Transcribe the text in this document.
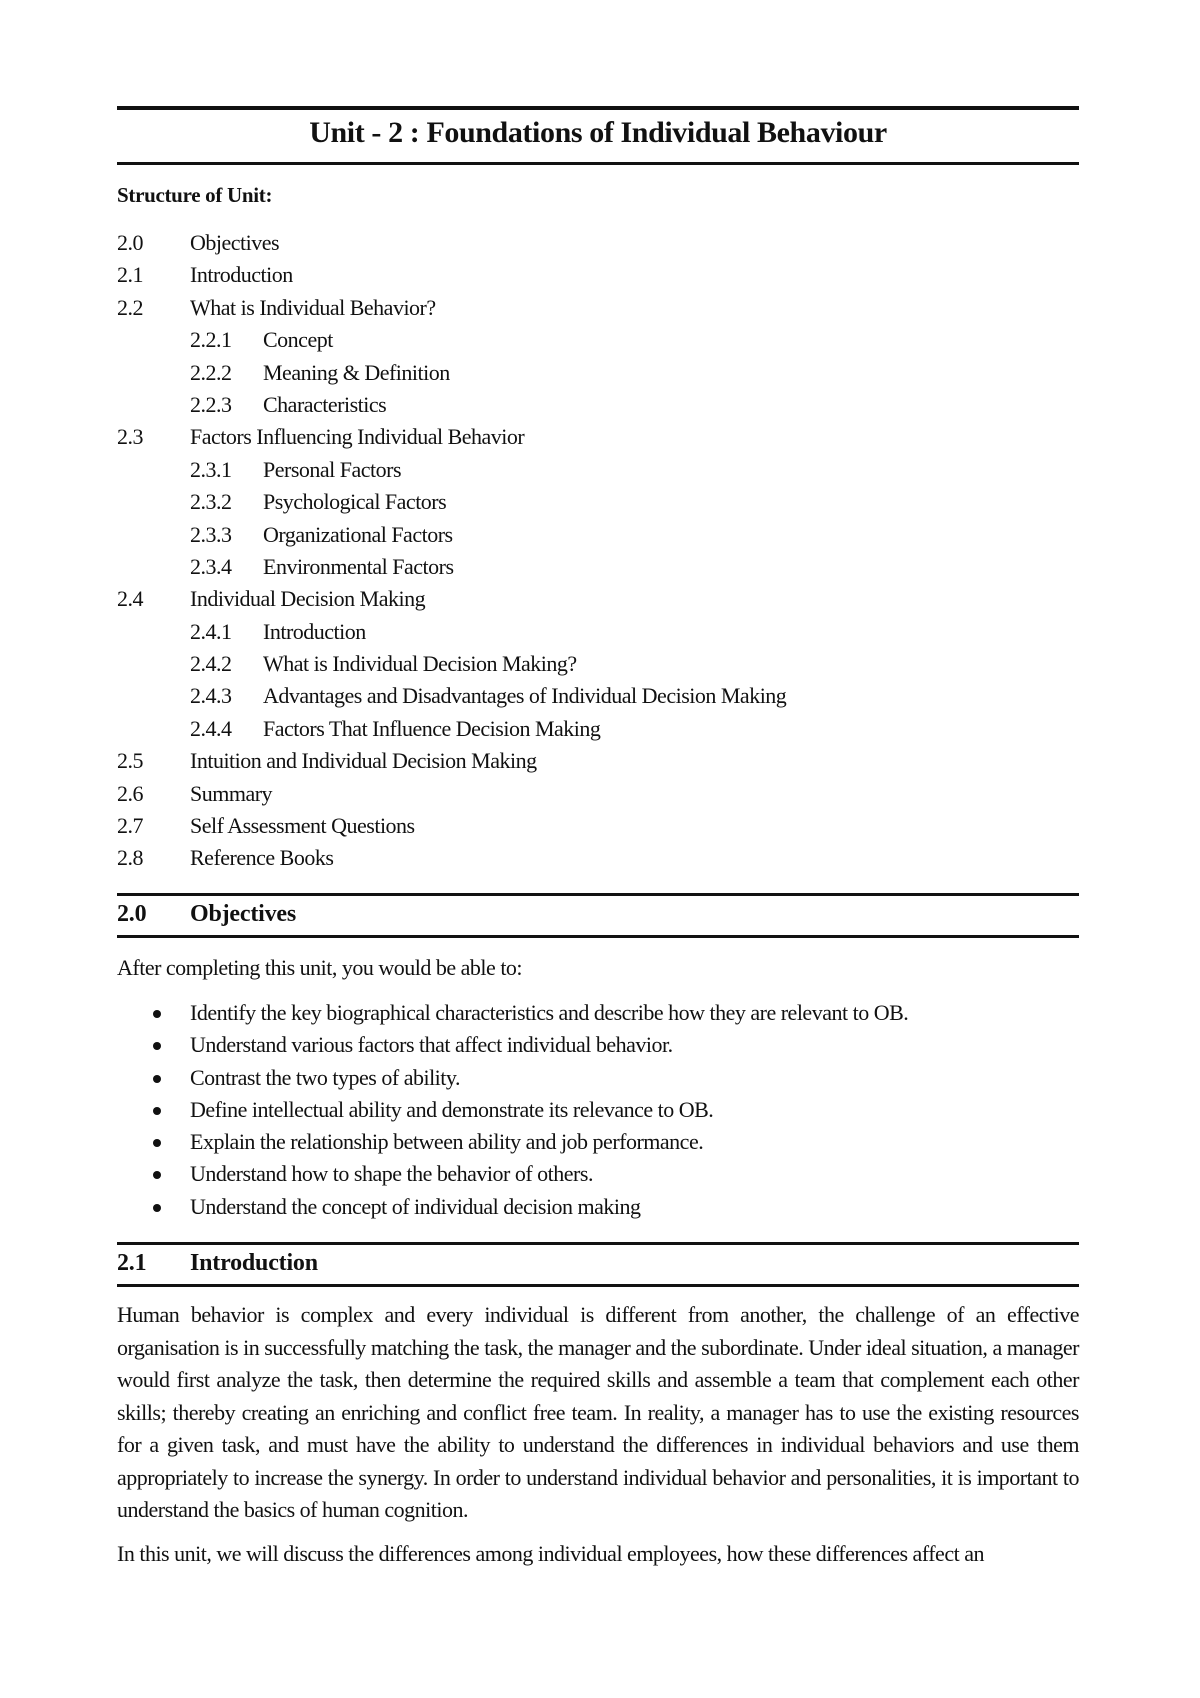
Unit - 2 : Foundations of Individual Behaviour
Structure of Unit:
2.0 Objectives
2.1 Introduction
2.2 What is Individual Behavior?
2.2.1 Concept
2.2.2 Meaning & Definition
2.2.3 Characteristics
2.3 Factors Influencing Individual Behavior
2.3.1 Personal Factors
2.3.2 Psychological Factors
2.3.3 Organizational Factors
2.3.4 Environmental Factors
2.4 Individual Decision Making
2.4.1 Introduction
2.4.2 What is Individual Decision Making?
2.4.3 Advantages and Disadvantages of Individual Decision Making
2.4.4 Factors That Influence Decision Making
2.5 Intuition and Individual Decision Making
2.6 Summary
2.7 Self Assessment Questions
2.8 Reference Books
2.0 Objectives
After completing this unit, you would be able to:
Identify the key biographical characteristics and describe how they are relevant to OB.
Understand various factors that affect individual behavior.
Contrast the two types of ability.
Define intellectual ability and demonstrate its relevance to OB.
Explain the relationship between ability and job performance.
Understand how to shape the behavior of others.
Understand the concept of individual decision making
2.1 Introduction
Human behavior is complex and every individual is different from another, the challenge of an effective organisation is in successfully matching the task, the manager and the subordinate. Under ideal situation, a manager would first analyze the task, then determine the required skills and assemble a team that complement each other skills; thereby creating an enriching and conflict free team. In reality, a manager has to use the existing resources for a given task, and must have the ability to understand the differences in individual behaviors and use them appropriately to increase the synergy. In order to understand individual behavior and personalities, it is important to understand the basics of human cognition.
In this unit, we will discuss the differences among individual employees, how these differences affect an
